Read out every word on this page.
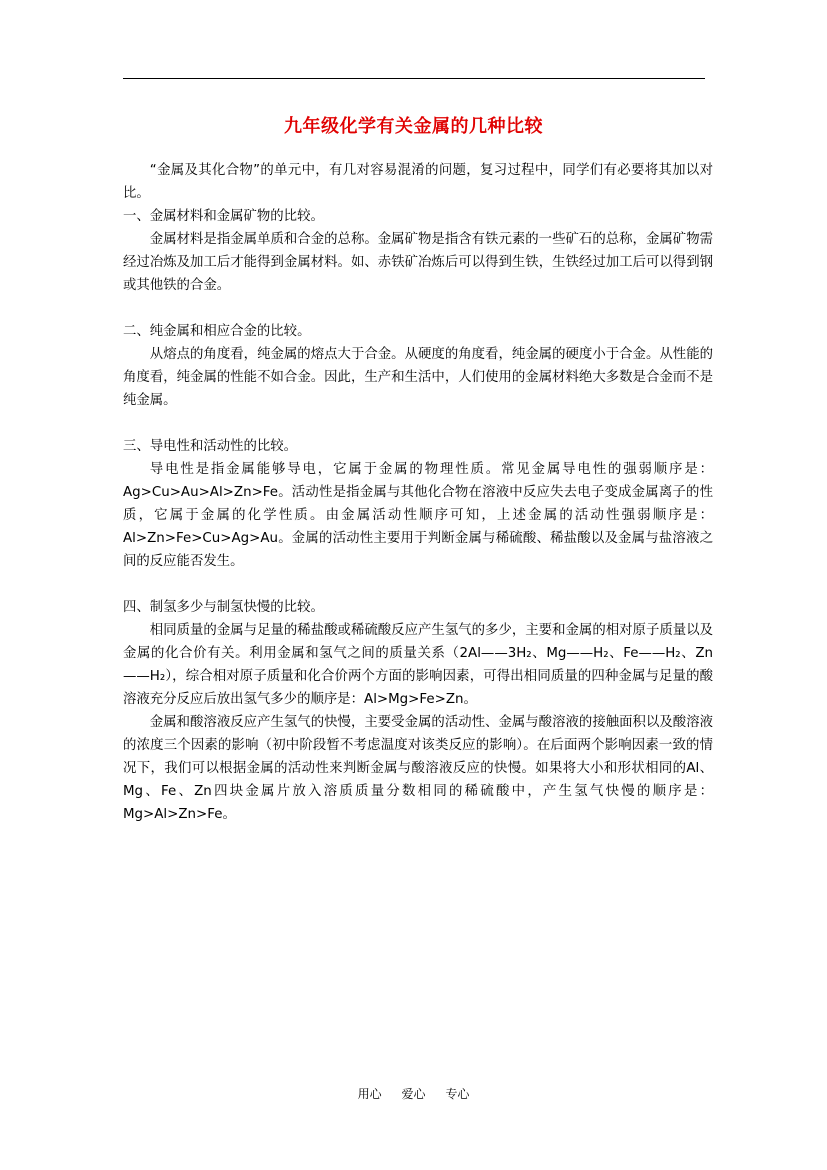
九年级化学有关金属的几种比较

“金属及其化合物”的单元中，有几对容易混淆的问题，复习过程中，同学们有必要将其加以对比。

一、金属材料和金属矿物的比较。

金属材料是指金属单质和合金的总称。金属矿物是指含有铁元素的一些矿石的总称，金属矿物需经过冶炼及加工后才能得到金属材料。如、赤铁矿冶炼后可以得到生铁，生铁经过加工后可以得到钢或其他铁的合金。

二、纯金属和相应合金的比较。

从熔点的角度看，纯金属的熔点大于合金。从硬度的角度看，纯金属的硬度小于合金。从性能的角度看，纯金属的性能不如合金。因此，生产和生活中，人们使用的金属材料绝大多数是合金而不是纯金属。

三、导电性和活动性的比较。

导电性是指金属能够导电，它属于金属的物理性质。常见金属导电性的强弱顺序是：Ag>Cu>Au>Al>Zn>Fe。活动性是指金属与其他化合物在溶液中反应失去电子变成金属离子的性质，它属于金属的化学性质。由金属活动性顺序可知，上述金属的活动性强弱顺序是：Al>Zn>Fe>Cu>Ag>Au。金属的活动性主要用于判断金属与稀硫酸、稀盐酸以及金属与盐溶液之间的反应能否发生。

四、制氢多少与制氢快慢的比较。

相同质量的金属与足量的稀盐酸或稀硫酸反应产生氢气的多少，主要和金属的相对原子质量以及金属的化合价有关。利用金属和氢气之间的质量关系（2Al——3H₂、Mg——H₂、Fe——H₂、Zn——H₂），综合相对原子质量和化合价两个方面的影响因素，可得出相同质量的四种金属与足量的酸溶液充分反应后放出氢气多少的顺序是：Al>Mg>Fe>Zn。

金属和酸溶液反应产生氢气的快慢，主要受金属的活动性、金属与酸溶液的接触面积以及酸溶液的浓度三个因素的影响（初中阶段暂不考虑温度对该类反应的影响）。在后面两个影响因素一致的情况下，我们可以根据金属的活动性来判断金属与酸溶液反应的快慢。如果将大小和形状相同的Al、Mg、Fe、Zn四块金属片放入溶质质量分数相同的稀硫酸中，产生氢气快慢的顺序是：Mg>Al>Zn>Fe。

用心 爱心 专心
